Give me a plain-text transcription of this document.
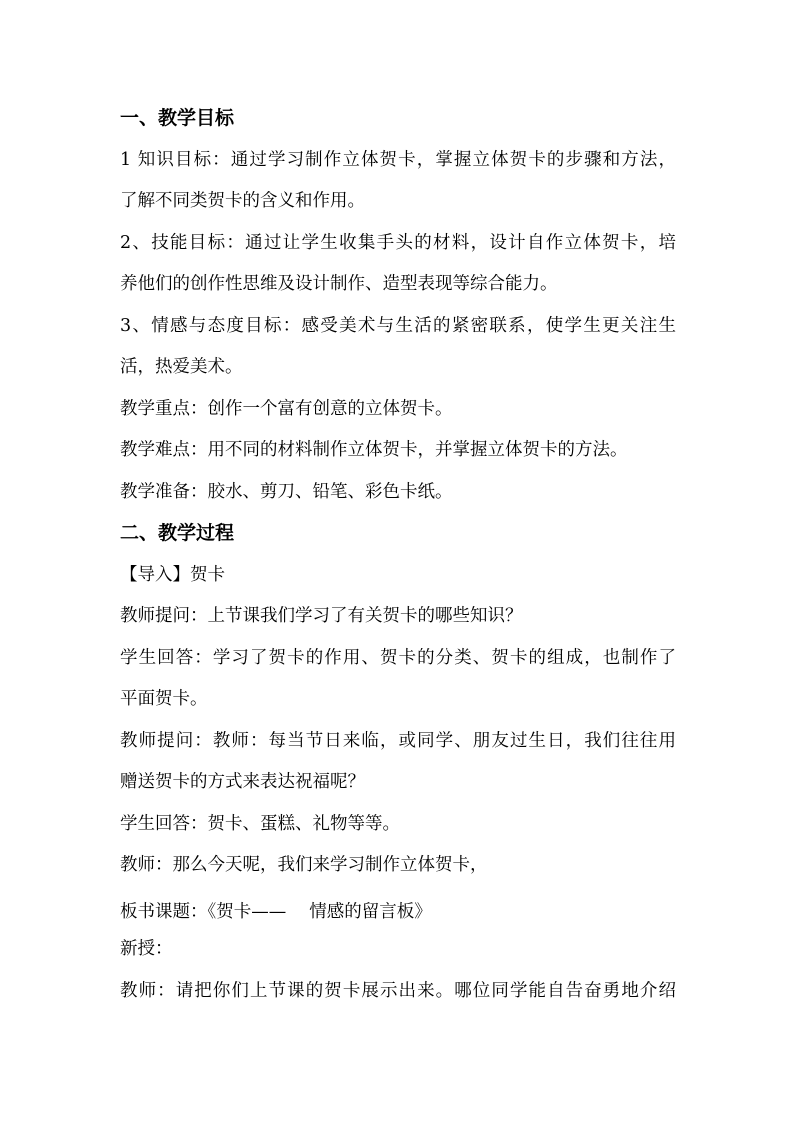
一、教学目标
1 知识目标：通过学习制作立体贺卡，掌握立体贺卡的步骤和方法，
了解不同类贺卡的含义和作用。
2、技能目标：通过让学生收集手头的材料，设计自作立体贺卡，培
养他们的创作性思维及设计制作、造型表现等综合能力。
3、情感与态度目标：感受美术与生活的紧密联系，使学生更关注生
活，热爱美术。
教学重点：创作一个富有创意的立体贺卡。
教学难点：用不同的材料制作立体贺卡，并掌握立体贺卡的方法。
教学准备：胶水、剪刀、铅笔、彩色卡纸。
二、教学过程
【导入】贺卡
教师提问：上节课我们学习了有关贺卡的哪些知识？
学生回答：学习了贺卡的作用、贺卡的分类、贺卡的组成，也制作了
平面贺卡。
教师提问：教师：每当节日来临，或同学、朋友过生日，我们往往用
赠送贺卡的方式来表达祝福呢？
学生回答：贺卡、蛋糕、礼物等等。
教师：那么今天呢，我们来学习制作立体贺卡，
板书课题：《贺卡——　 情感的留言板》
新授：
教师：请把你们上节课的贺卡展示出来。哪位同学能自告奋勇地介绍
